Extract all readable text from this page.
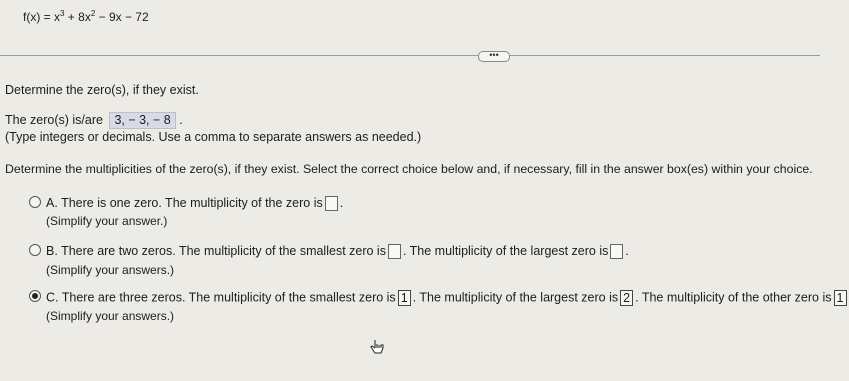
$f(x) = x^3 + 8x^2 - 9x - 72$
•••
Determine the zero(s), if they exist.
The zero(s) is/are 3, − 3, − 8 .
(Type integers or decimals. Use a comma to separate answers as needed.)
Determine the multiplicities of the zero(s), if they exist. Select the correct choice below and, if necessary, fill in the answer box(es) within your choice.
A. There is one zero. The multiplicity of the zero is .
(Simplify your answer.)
B. There are two zeros. The multiplicity of the smallest zero is . The multiplicity of the largest zero is .
(Simplify your answers.)
C. There are three zeros. The multiplicity of the smallest zero is 1 . The multiplicity of the largest zero is 2 . The multiplicity of the other zero is 1
(Simplify your answers.)
